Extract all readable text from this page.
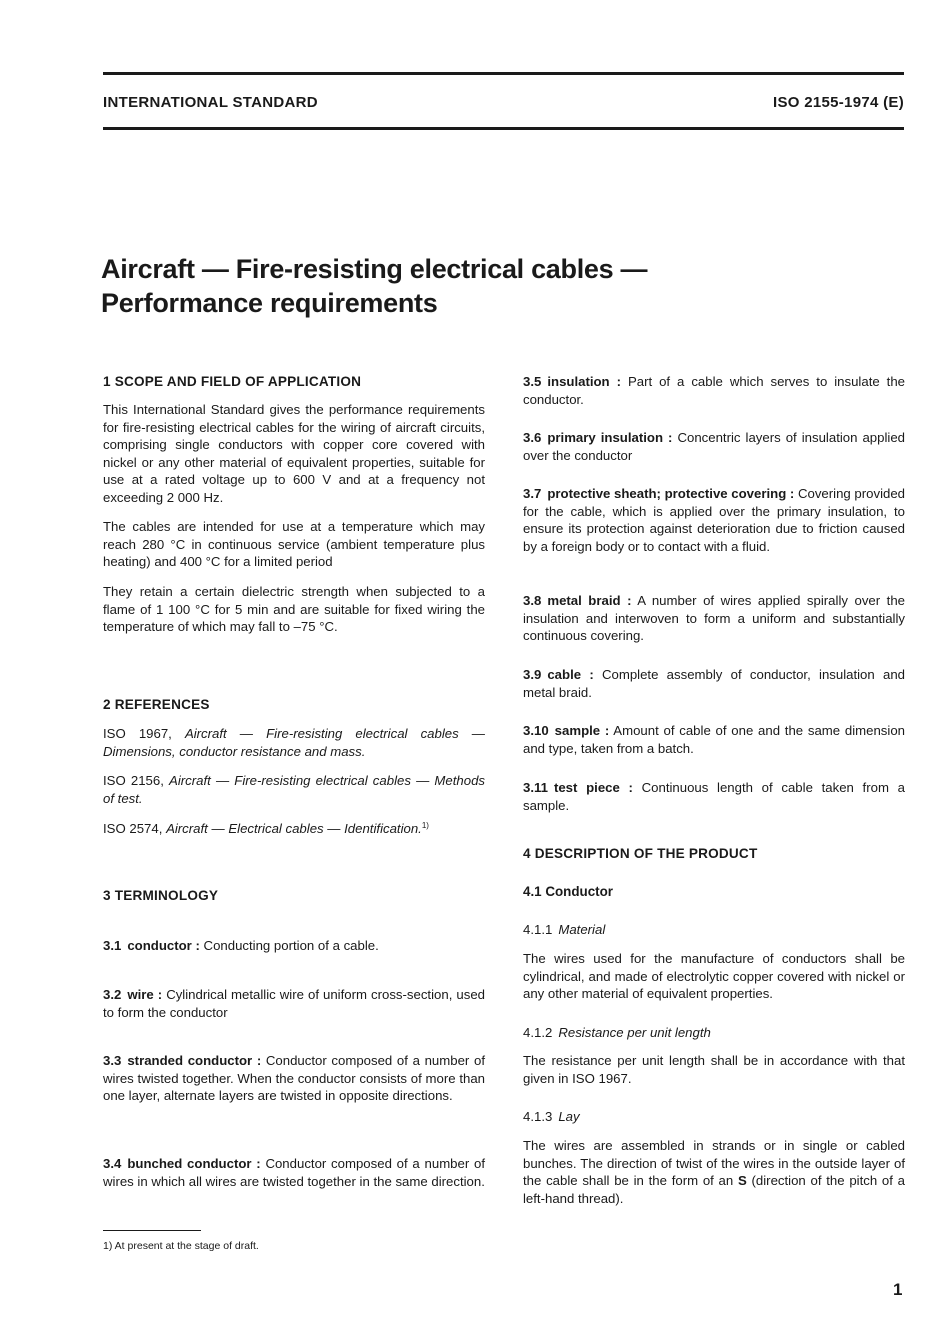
INTERNATIONAL STANDARD	ISO 2155-1974 (E)
Aircraft — Fire-resisting electrical cables —
Performance requirements
1 SCOPE AND FIELD OF APPLICATION

This International Standard gives the performance requirements for fire-resisting electrical cables for the wiring of aircraft circuits, comprising single conductors with copper core covered with nickel or any other material of equivalent properties, suitable for use at a rated voltage up to 600 V and at a frequency not exceeding 2 000 Hz.

The cables are intended for use at a temperature which may reach 280 °C in continuous service (ambient temperature plus heating) and 400 °C for a limited period

They retain a certain dielectric strength when subjected to a flame of 1 100 °C for 5 min and are suitable for fixed wiring the temperature of which may fall to –75 °C.

2 REFERENCES

ISO 1967, Aircraft — Fire-resisting electrical cables — Dimensions, conductor resistance and mass.

ISO 2156, Aircraft — Fire-resisting electrical cables — Methods of test.

ISO 2574, Aircraft — Electrical cables — Identification.$^{1)}$

3 TERMINOLOGY

3.1 conductor : Conducting portion of a cable.

3.2 wire : Cylindrical metallic wire of uniform cross-section, used to form the conductor

3.3 stranded conductor : Conductor composed of a number of wires twisted together. When the conductor consists of more than one layer, alternate layers are twisted in opposite directions.

3.4 bunched conductor : Conductor composed of a number of wires in which all wires are twisted together in the same direction.

3.5 insulation : Part of a cable which serves to insulate the conductor.

3.6 primary insulation : Concentric layers of insulation applied over the conductor

3.7 protective sheath; protective covering : Covering provided for the cable, which is applied over the primary insulation, to ensure its protection against deterioration due to friction caused by a foreign body or to contact with a fluid.

3.8 metal braid : A number of wires applied spirally over the insulation and interwoven to form a uniform and substantially continuous covering.

3.9 cable : Complete assembly of conductor, insulation and metal braid.

3.10 sample : Amount of cable of one and the same dimension and type, taken from a batch.

3.11 test piece : Continuous length of cable taken from a sample.

4 DESCRIPTION OF THE PRODUCT
4.1 Conductor
4.1.1 Material

The wires used for the manufacture of conductors shall be cylindrical, and made of electrolytic copper covered with nickel or any other material of equivalent properties.

4.1.2 Resistance per unit length

The resistance per unit length shall be in accordance with that given in ISO 1967.

4.1.3 Lay

The wires are assembled in strands or in single or cabled bunches. The direction of twist of the wires in the outside layer of the cable shall be in the form of an S (direction of the pitch of a left-hand thread).

1) At present at the stage of draft.
1
